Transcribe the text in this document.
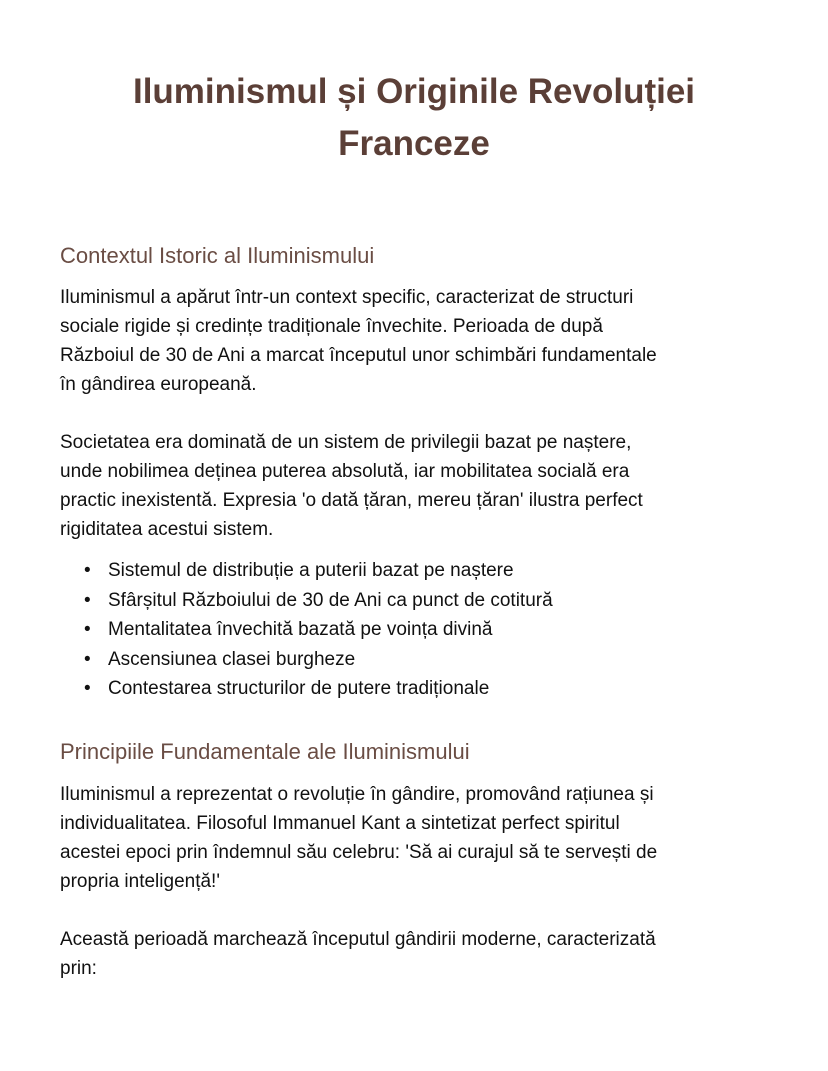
Iluminismul și Originile Revoluției
Franceze
Contextul Istoric al Iluminismului
Iluminismul a apărut într-un context specific, caracterizat de structuri
sociale rigide și credințe tradiționale învechite. Perioada de după
Războiul de 30 de Ani a marcat începutul unor schimbări fundamentale
în gândirea europeană.
Societatea era dominată de un sistem de privilegii bazat pe naștere,
unde nobilimea deținea puterea absolută, iar mobilitatea socială era
practic inexistentă. Expresia 'o dată țăran, mereu țăran' ilustra perfect
rigiditatea acestui sistem.
• Sistemul de distribuție a puterii bazat pe naștere
• Sfârșitul Războiului de 30 de Ani ca punct de cotitură
• Mentalitatea învechită bazată pe voința divină
• Ascensiunea clasei burgheze
• Contestarea structurilor de putere tradiționale
Principiile Fundamentale ale Iluminismului
Iluminismul a reprezentat o revoluție în gândire, promovând rațiunea și
individualitatea. Filosoful Immanuel Kant a sintetizat perfect spiritul
acestei epoci prin îndemnul său celebru: 'Să ai curajul să te servești de
propria inteligență!'
Această perioadă marchează începutul gândirii moderne, caracterizată
prin:
